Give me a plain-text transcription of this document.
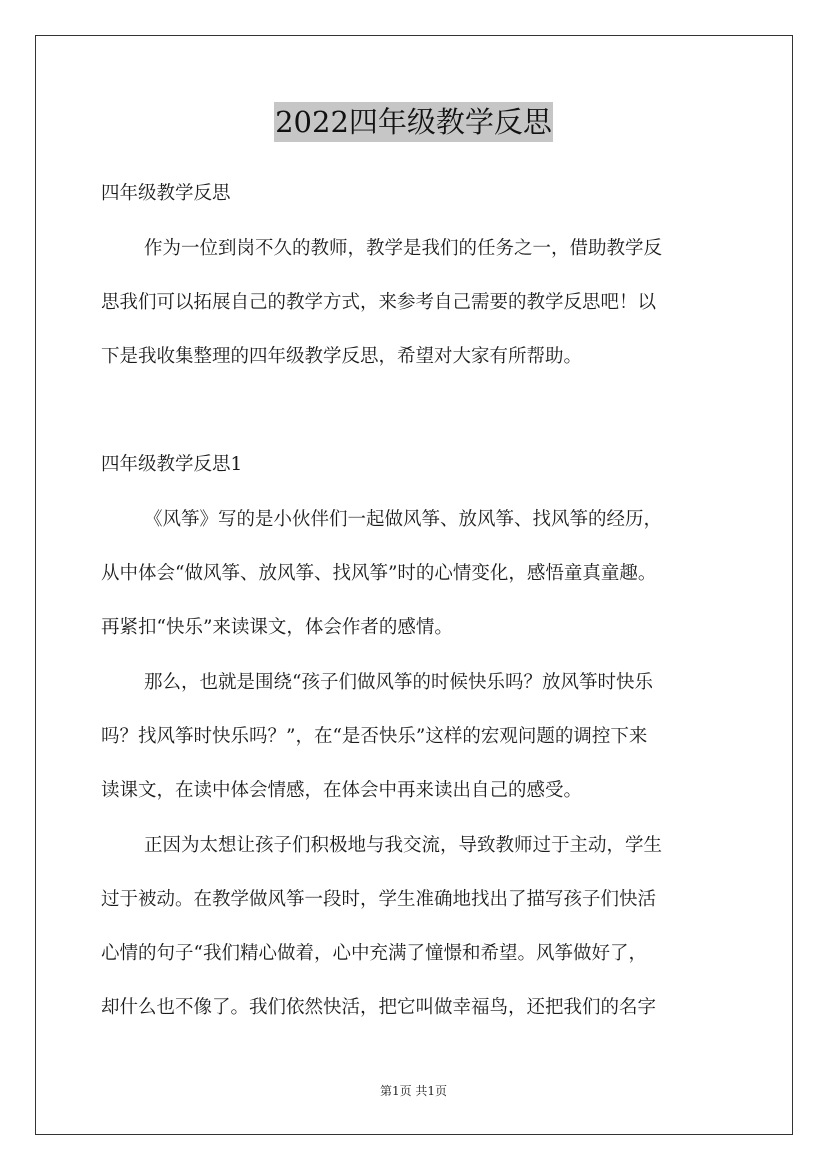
2022四年级教学反思
四年级教学反思
作为一位到岗不久的教师，教学是我们的任务之一，借助教学反
思我们可以拓展自己的教学方式，来参考自己需要的教学反思吧！以
下是我收集整理的四年级教学反思，希望对大家有所帮助。
四年级教学反思1
《风筝》写的是小伙伴们一起做风筝、放风筝、找风筝的经历，
从中体会“做风筝、放风筝、找风筝”时的心情变化，感悟童真童趣。
再紧扣“快乐”来读课文，体会作者的感情。
那么，也就是围绕“孩子们做风筝的时候快乐吗？放风筝时快乐
吗？找风筝时快乐吗？”，在“是否快乐”这样的宏观问题的调控下来
读课文，在读中体会情感，在体会中再来读出自己的感受。
正因为太想让孩子们积极地与我交流，导致教师过于主动，学生
过于被动。在教学做风筝一段时，学生准确地找出了描写孩子们快活
心情的句子“我们精心做着，心中充满了憧憬和希望。风筝做好了，
却什么也不像了。我们依然快活，把它叫做幸福鸟，还把我们的名字
第1页 共1页
